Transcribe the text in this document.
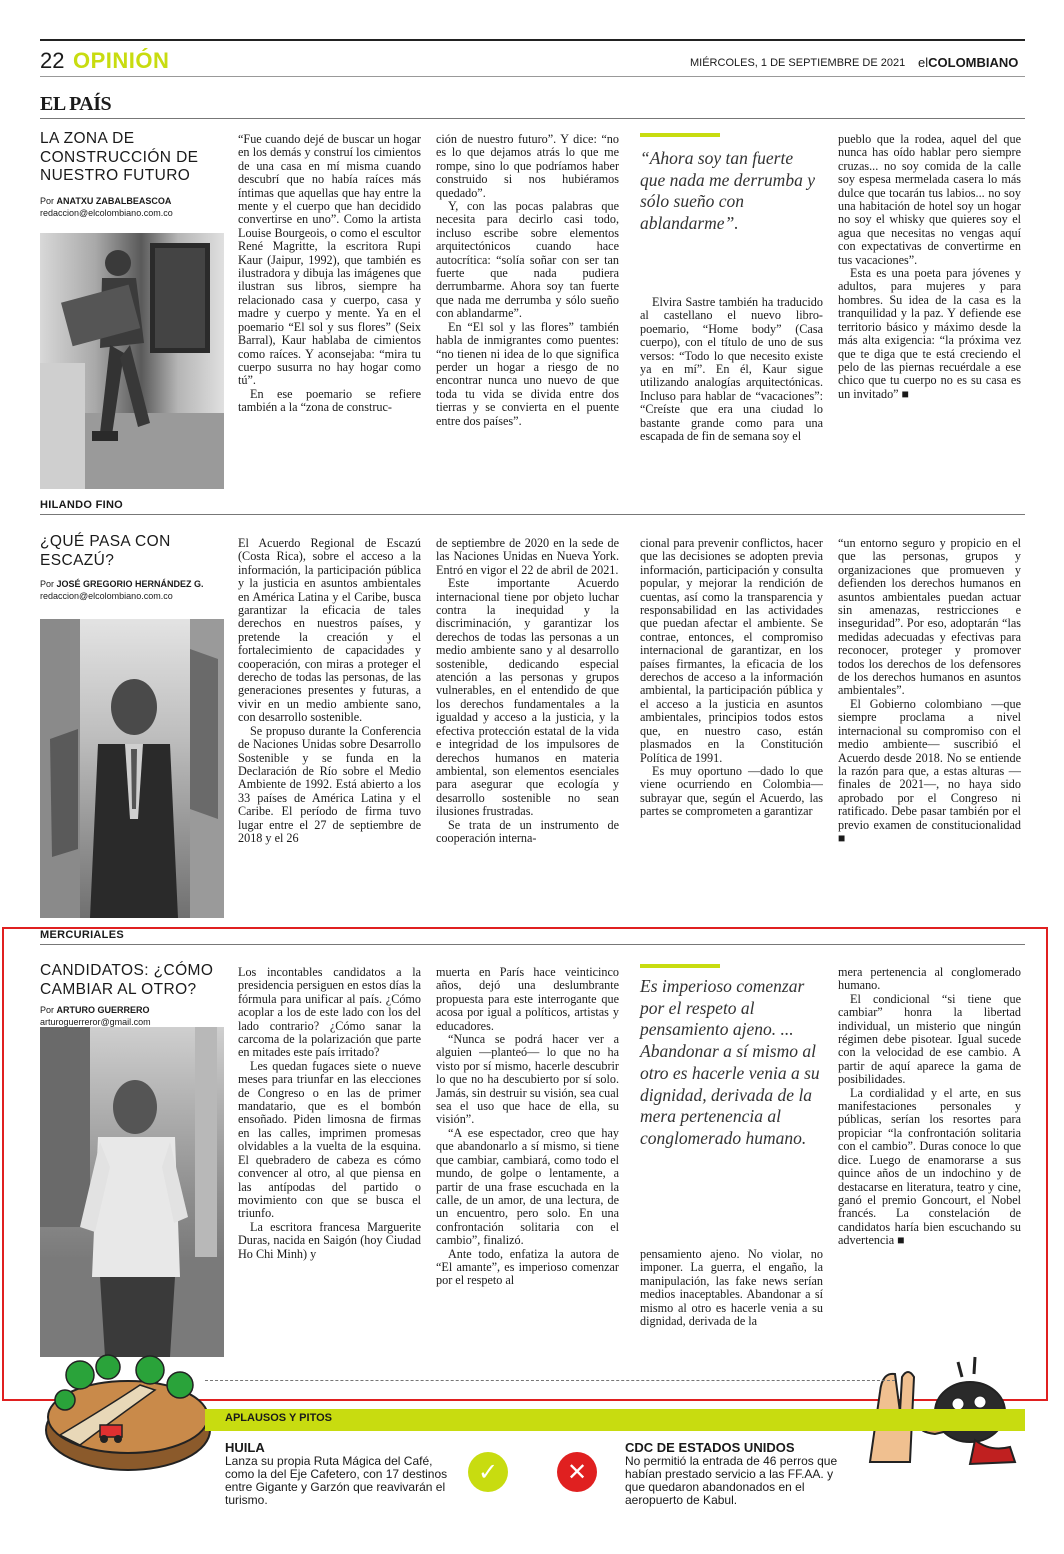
22 OPINIÓN	MIÉRCOLES, 1 DE SEPTIEMBRE DE 2021 elCOLOMBIANO
EL PAÍS
LA ZONA DE CONSTRUCCIÓN DE NUESTRO FUTURO
Por ANATXU ZABALBEASCOA
redaccion@elcolombiano.com.co

“Fue cuando dejé de buscar un hogar en los demás y construí los cimientos de una casa en mí misma cuando descubrí que no había raíces más íntimas que aquellas que hay entre la mente y el cuerpo que han decidido convertirse en uno”. Como la artista Louise Bourgeois, o como el escultor René Magritte, la escritora Rupi Kaur (Jaipur, 1992), que también es ilustradora y dibuja las imágenes que ilustran sus libros, siempre ha relacionado casa y cuerpo, casa y madre y cuerpo y mente. Ya en el poemario “El sol y sus flores” (Seix Barral), Kaur hablaba de cimientos como raíces. Y aconsejaba: “mira tu cuerpo susurra no hay hogar como tú”.

En ese poemario se refiere también a la “zona de construc-

ción de nuestro futuro”. Y dice: “no es lo que dejamos atrás lo que me rompe, sino lo que podríamos haber construido si nos hubiéramos quedado”.

Y, con las pocas palabras que necesita para decirlo casi todo, incluso escribe sobre elementos arquitectónicos cuando hace autocrítica: “solía soñar con ser tan fuerte que nada pudiera derrumbarme. Ahora soy tan fuerte que nada me derrumba y sólo sueño con ablandarme”.

En “El sol y las flores” también habla de inmigrantes como puentes: “no tienen ni idea de lo que significa perder un hogar a riesgo de no encontrar nunca uno nuevo de que toda tu vida se divida entre dos tierras y se convierta en el puente entre dos países”.

“Ahora soy tan fuerte que nada me derrumba y sólo sueño con ablandarme”.

Elvira Sastre también ha traducido al castellano el nuevo libro-poemario, “Home body” (Casa cuerpo), con el título de uno de sus versos: “Todo lo que necesito existe ya en mí”. En él, Kaur sigue utilizando analogías arquitectónicas. Incluso para hablar de “vacaciones”: “Creíste que era una ciudad lo bastante grande como para una escapada de fin de semana soy el

pueblo que la rodea, aquel del que nunca has oído hablar pero siempre cruzas... no soy comida de la calle soy espesa mermelada casera lo más dulce que tocarán tus labios... no soy una habitación de hotel soy un hogar no soy el whisky que quieres soy el agua que necesitas no vengas aquí con expectativas de convertirme en tus vacaciones”.

Esta es una poeta para jóvenes y adultos, para mujeres y para hombres. Su idea de la casa es la tranquilidad y la paz. Y defiende ese territorio básico y máximo desde la más alta exigencia: “la próxima vez que te diga que te está creciendo el pelo de las piernas recuérdale a ese chico que tu cuerpo no es su casa es un invitado” ■

HILANDO FINO
¿QUÉ PASA CON ESCAZÚ?
Por JOSÉ GREGORIO HERNÁNDEZ G.
redaccion@elcolombiano.com.co

El Acuerdo Regional de Escazú (Costa Rica), sobre el acceso a la información, la participación pública y la justicia en asuntos ambientales en América Latina y el Caribe, busca garantizar la eficacia de tales derechos en nuestros países, y pretende la creación y el fortalecimiento de capacidades y cooperación, con miras a proteger el derecho de todas las personas, de las generaciones presentes y futuras, a vivir en un medio ambiente sano, con desarrollo sostenible.

Se propuso durante la Conferencia de Naciones Unidas sobre Desarrollo Sostenible y se funda en la Declaración de Río sobre el Medio Ambiente de 1992. Está abierto a los 33 países de América Latina y el Caribe. El período de firma tuvo lugar entre el 27 de septiembre de 2018 y el 26

de septiembre de 2020 en la sede de las Naciones Unidas en Nueva York. Entró en vigor el 22 de abril de 2021.

Este importante Acuerdo internacional tiene por objeto luchar contra la inequidad y la discriminación, y garantizar los derechos de todas las personas a un medio ambiente sano y al desarrollo sostenible, dedicando especial atención a las personas y grupos vulnerables, en el entendido de que los derechos fundamentales a la igualdad y acceso a la justicia, y la efectiva protección estatal de la vida e integridad de los impulsores de derechos humanos en materia ambiental, son elementos esenciales para asegurar que ecología y desarrollo sostenible no sean ilusiones frustradas.

Se trata de un instrumento de cooperación interna-

cional para prevenir conflictos, hacer que las decisiones se adopten previa información, participación y consulta popular, y mejorar la rendición de cuentas, así como la transparencia y responsabilidad en las actividades que puedan afectar el ambiente. Se contrae, entonces, el compromiso internacional de garantizar, en los países firmantes, la eficacia de los derechos de acceso a la información ambiental, la participación pública y el acceso a la justicia en asuntos ambientales, principios todos estos que, en nuestro caso, están plasmados en la Constitución Política de 1991.

Es muy oportuno —dado lo que viene ocurriendo en Colombia— subrayar que, según el Acuerdo, las partes se comprometen a garantizar

“un entorno seguro y propicio en el que las personas, grupos y organizaciones que promueven y defienden los derechos humanos en asuntos ambientales puedan actuar sin amenazas, restricciones e inseguridad”. Por eso, adoptarán “las medidas adecuadas y efectivas para reconocer, proteger y promover todos los derechos de los defensores de los derechos humanos en asuntos ambientales”.

El Gobierno colombiano —que siempre proclama a nivel internacional su compromiso con el medio ambiente— suscribió el Acuerdo desde 2018. No se entiende la razón para que, a estas alturas —finales de 2021—, no haya sido aprobado por el Congreso ni ratificado. Debe pasar también por el previo examen de constitucionalidad ■

MERCURIALES
CANDIDATOS: ¿CÓMO CAMBIAR AL OTRO?
Por ARTURO GUERRERO
arturoguerreror@gmail.com

Los incontables candidatos a la presidencia persiguen en estos días la fórmula para unificar al país. ¿Cómo acoplar a los de este lado con los del lado contrario? ¿Cómo sanar la carcoma de la polarización que parte en mitades este país irritado?

Les quedan fugaces siete o nueve meses para triunfar en las elecciones de Congreso o en las de primer mandatario, que es el bombón ensoñado. Piden limosna de firmas en las calles, imprimen promesas olvidables a la vuelta de la esquina. El quebradero de cabeza es cómo convencer al otro, al que piensa en las antípodas del partido o movimiento con que se busca el triunfo.

La escritora francesa Marguerite Duras, nacida en Saigón (hoy Ciudad Ho Chi Minh) y

muerta en París hace veinticinco años, dejó una deslumbrante propuesta para este interrogante que acosa por igual a políticos, artistas y educadores.

“Nunca se podrá hacer ver a alguien —planteó— lo que no ha visto por sí mismo, hacerle descubrir lo que no ha descubierto por sí solo. Jamás, sin destruir su visión, sea cual sea el uso que hace de ella, su visión”.

“A ese espectador, creo que hay que abandonarlo a sí mismo, si tiene que cambiar, cambiará, como todo el mundo, de golpe o lentamente, a partir de una frase escuchada en la calle, de un amor, de una lectura, de un encuentro, pero solo. En una confrontación solitaria con el cambio”, finalizó.

Ante todo, enfatiza la autora de “El amante”, es imperioso comenzar por el respeto al

Es imperioso comenzar por el respeto al pensamiento ajeno. ... Abandonar a sí mismo al otro es hacerle venia a su dignidad, derivada de la mera pertenencia al conglomerado humano.

pensamiento ajeno. No violar, no imponer. La guerra, el engaño, la manipulación, las fake news serían medios inaceptables. Abandonar a sí mismo al otro es hacerle venia a su dignidad, derivada de la

mera pertenencia al conglomerado humano.

El condicional “si tiene que cambiar” honra la libertad individual, un misterio que ningún régimen debe pisotear. Igual sucede con la velocidad de ese cambio. A partir de aquí aparece la gama de posibilidades.

La cordialidad y el arte, en sus manifestaciones personales y públicas, serían los resortes para propiciar “la confrontación solitaria con el cambio”. Duras conoce lo que dice. Luego de enamorarse a sus quince años de un indochino y de destacarse en literatura, teatro y cine, ganó el premio Goncourt, el Nobel francés. La constelación de candidatos haría bien escuchando su advertencia ■

APLAUSOS Y PITOS
HUILA
Lanza su propia Ruta Mágica del Café, como la del Eje Cafetero, con 17 destinos entre Gigante y Garzón que reavivarán el turismo.
✓	✕
CDC DE ESTADOS UNIDOS
No permitió la entrada de 46 perros que habían prestado servicio a las FF.AA. y que quedaron abandonados en el aeropuerto de Kabul.
